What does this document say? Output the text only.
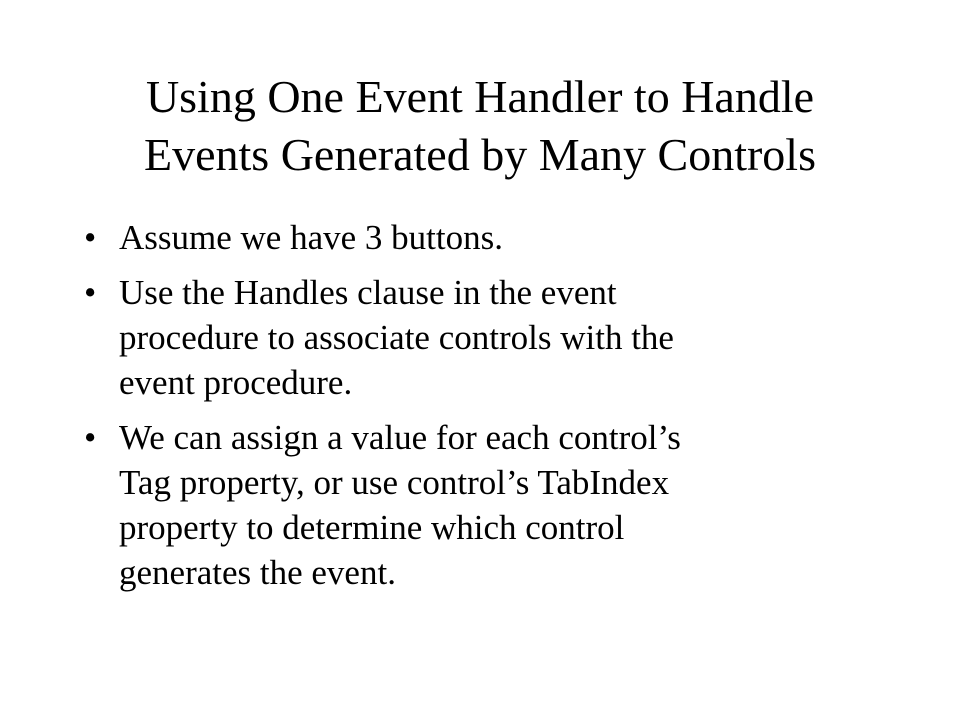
Using One Event Handler to Handle
Events Generated by Many Controls
• Assume we have 3 buttons.
• Use the Handles clause in the event
procedure to associate controls with the
event procedure.
• We can assign a value for each control’s
Tag property, or use control’s TabIndex
property to determine which control
generates the event.
